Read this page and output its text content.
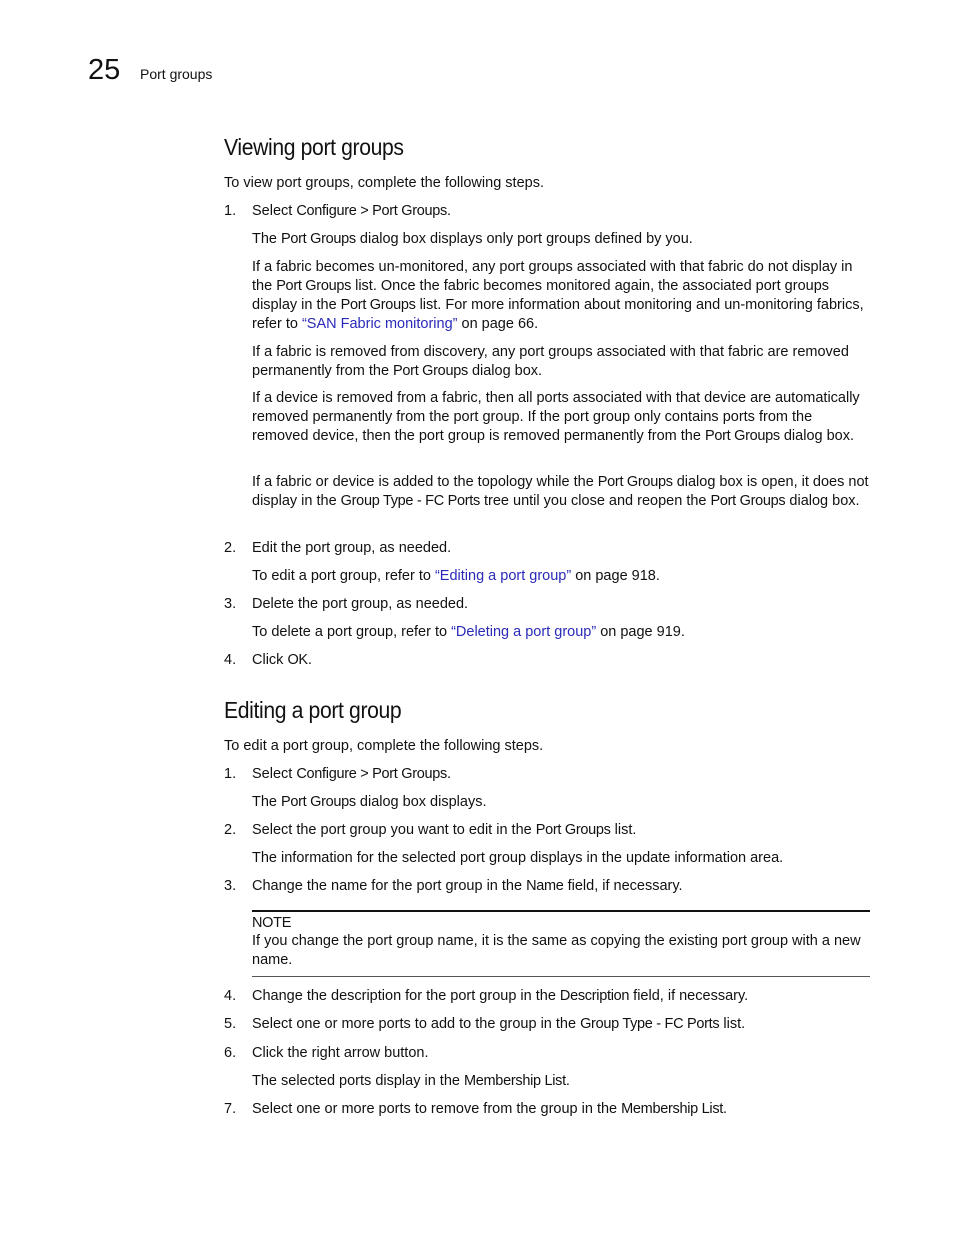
25 Port groups
Viewing port groups

To view port groups, complete the following steps.

1. Select Configure > Port Groups.

The Port Groups dialog box displays only port groups defined by you.

If a fabric becomes un-monitored, any port groups associated with that fabric do not display in the Port Groups list. Once the fabric becomes monitored again, the associated port groups display in the Port Groups list. For more information about monitoring and un-monitoring fabrics, refer to “SAN Fabric monitoring” on page 66.

If a fabric is removed from discovery, any port groups associated with that fabric are removed permanently from the Port Groups dialog box.

If a device is removed from a fabric, then all ports associated with that device are automatically removed permanently from the port group. If the port group only contains ports from the removed device, then the port group is removed permanently from the Port Groups dialog box.

If a fabric or device is added to the topology while the Port Groups dialog box is open, it does not display in the Group Type - FC Ports tree until you close and reopen the Port Groups dialog box.

2. Edit the port group, as needed.

To edit a port group, refer to “Editing a port group” on page 918.

3. Delete the port group, as needed.

To delete a port group, refer to “Deleting a port group” on page 919.

4. Click OK.
Editing a port group

To edit a port group, complete the following steps.

1. Select Configure > Port Groups.

The Port Groups dialog box displays.

2. Select the port group you want to edit in the Port Groups list.

The information for the selected port group displays in the update information area.

3. Change the name for the port group in the Name field, if necessary.
NOTE
If you change the port group name, it is the same as copying the existing port group with a new name.
4. Change the description for the port group in the Description field, if necessary.
5. Select one or more ports to add to the group in the Group Type - FC Ports list.
6. Click the right arrow button.

The selected ports display in the Membership List.

7. Select one or more ports to remove from the group in the Membership List.
